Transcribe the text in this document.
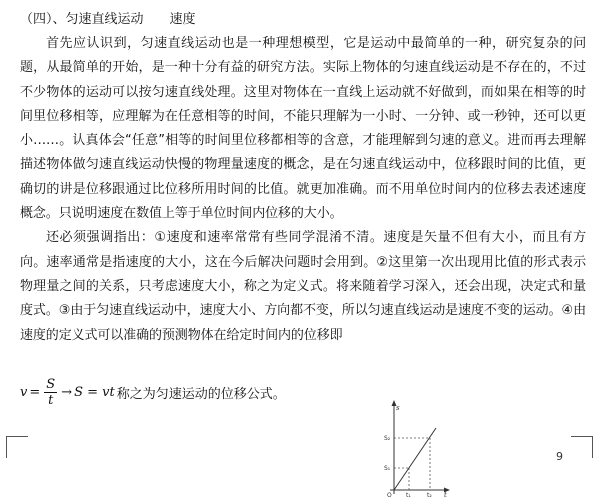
（四）、匀速直线运动　　速度

首先应认识到，匀速直线运动也是一种理想模型，它是运动中最简单的一种，研究复杂的问题，从最简单的开始，是一种十分有益的研究方法。实际上物体的匀速直线运动是不存在的，不过不少物体的运动可以按匀速直线处理。这里对物体在一直线上运动就不好做到，而如果在相等的时间里位移相等，应理解为在任意相等的时间，不能只理解为一小时、一分钟、或一秒钟，还可以更小……。认真体会“任意”相等的时间里位移都相等的含意，才能理解到匀速的意义。进而再去理解描述物体做匀速直线运动快慢的物理量速度的概念，是在匀速直线运动中，位移跟时间的比值，更确切的讲是位移跟通过比位移所用时间的比值。就更加准确。而不用单位时间内的位移去表述速度概念。只说明速度在数值上等于单位时间内位移的大小。

还必须强调指出：①速度和速率常常有些同学混淆不清。速度是矢量不但有大小，而且有方向。速率通常是指速度的大小，这在今后解决问题时会用到。②这里第一次出现用比值的形式表示物理量之间的关系，只考虑速度大小，称之为定义式。将来随着学习深入，还会出现，决定式和量度式。③由于匀速直线运动中，速度大小、方向都不变，所以匀速直线运动是速度不变的运动。④由速度的定义式可以准确的预测物体在给定时间内的位移即

$v = \frac{S}{t} \to S$ = vt 称之为匀速运动的位移公式。
9
s
t
O
S₂
S₁
t₁	t₂
